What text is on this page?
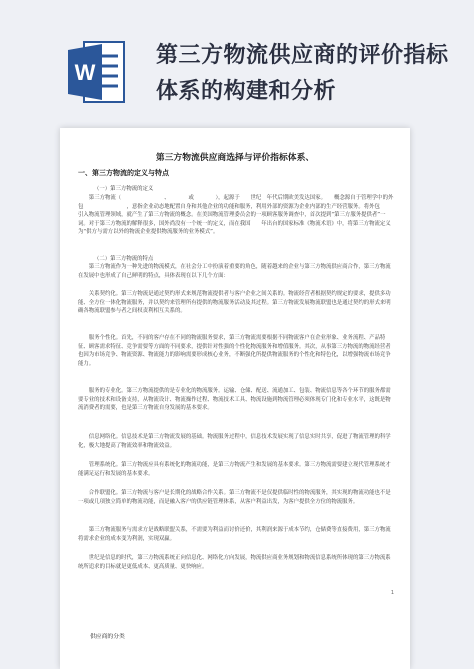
W
第三方物流供应商的评价指标
体系的构建和分析
第三方物流供应商选择与评价指标体系、
一、第三方物流的定义与特点
（一）第三方物流的定义

第三方物流（　　　　　　　　、　　　　或　　　　），起源于　　世纪　年代后期欧美发达国家。　　概念源自于管理学中的外包　　　　　　　　，意指企业动态地配置自身和其他企业的功能和服务，利用外部的资源为企业内部的生产经营服务。将外包　　　　引入物流管理领域，就产生了第三方物流的概念。在美国物流管理委员会的一项顾客服务调查中，首次提到“第三方服务提供者”一词。对于第三方物流的解释很多，国外尚没有一个统一的定义，而在我国　　年出台的国家标准《物流术语》中，将第三方物流定义为“供方与需方以外的物流企业提供物流服务的业务模式”。

（二）第三方物流的特点

第三方物流作为一种先进的物流模式，在社会分工中扮演着重要的角色，随着越来的企业与第三方物流供应商合作，第三方物流在发展中也形成了自己鲜明的特点，具体表现在以下几个方面：

关系契约化。第三方物流是通过契约形式来规范物流提供者与客户企业之间关系的。物流经营者根据契约规定的要求，提供多功能、全方位一体化物流服务，并以契约来管理所有提供的物流服务活动及其过程。第三方物流发展物流联盟也是通过契约的形式来明确各物流联盟参与者之间权责利相互关系的。

服务个性化。首先，不同的客户存在不同的物流服务要求，第三方物流需要根据不同物流客户在企业形象、业务流程、产品特征、顾客需求特征、竞争需要等方面的不同要求，提供针对性强的个性化物流服务和增值服务。其次，从事第三方物流的物流经营者也因为市场竞争、物流资源、物流能力的影响需要形成核心业务，不断强化所提供物流服务的个性化和特色化，以增强物流市场竞争能力。

服务的专业化。第三方物流提供的是专业化的物流服务。运输、仓储、配送、流通加工、包装、物流信息等各个环节的服务都需要专业的技术和设备支持，从物流设计、物流操作过程、物流技术工具、物流设施到物流管理必须体现专门化和专业水平，这既是物流消费者的需要，也是第三方物流自身发展的基本要求。

信息网络化。信息技术是第三方物流发展的基础。物流服务过程中，信息技术发展实现了信息实时共享，促进了物流管理的科学化，极大地提高了物流效率和物流效益。

管理系统化。第三方物流应具有系统化的物流功能，是第三方物流产生和发展的基本要求。第三方物流需要建立现代管理系统才能满足运行和发展的基本要求。

合作联盟化。第三方物流与客户是长期化的战略合作关系。第三方物流不是仅提供临时性的物流服务，其实现的物流功能也不是一项或几项独立简单的物流功能，而是融入客户的供应链管理体系，从客户利益出发，为客户提供全方位的物流服务。

第三方物流服务与需求方是战略联盟关系，不需要为利益而讨价还价，其利润来源于成本节约，仓储费等直接费用，第三方物流将需求企业的成本变为利润，实现双赢。

世纪是信息的时代，第三方物流系统正向信息化、网络化方向发展，物流供应商业务规划和物流信息系统所体现的第三方物流系统所追求的目标就是更低成本、更高质量、更快响应。

1
供应商的分类
